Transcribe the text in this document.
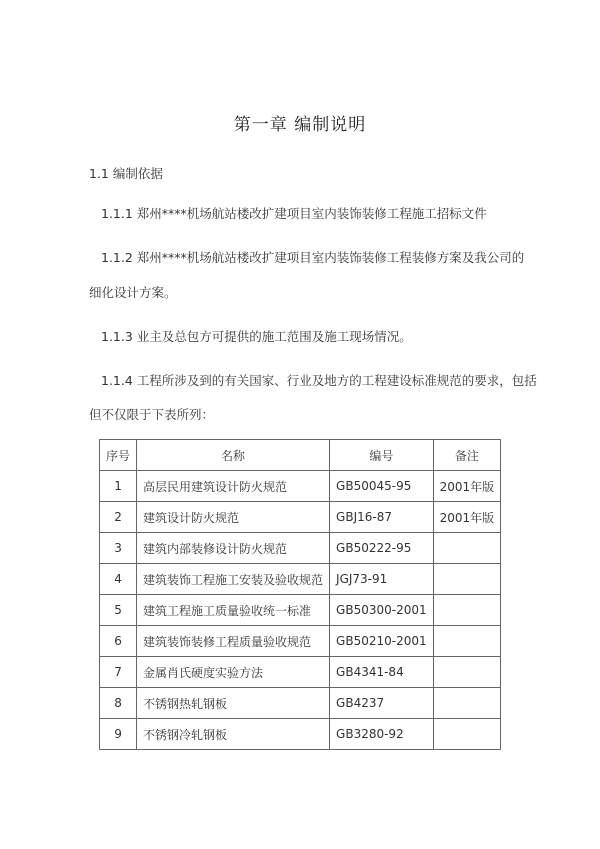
第一章 编制说明
1.1 编制依据
1.1.1 郑州****机场航站楼改扩建项目室内装饰装修工程施工招标文件
1.1.2 郑州****机场航站楼改扩建项目室内装饰装修工程装修方案及我公司的
细化设计方案。
1.1.3 业主及总包方可提供的施工范围及施工现场情况。
1.1.4 工程所涉及到的有关国家、行业及地方的工程建设标准规范的要求，包括
但不仅限于下表所列：
序号	名称	编号	备注
1	高层民用建筑设计防火规范	GB50045-95	2001年版
2	建筑设计防火规范	GBJ16-87	2001年版
3	建筑内部装修设计防火规范	GB50222-95	
4	建筑装饰工程施工安装及验收规范	JGJ73-91	
5	建筑工程施工质量验收统一标准	GB50300-2001	
6	建筑装饰装修工程质量验收规范	GB50210-2001	
7	金属肖氏硬度实验方法	GB4341-84	
8	不锈钢热轧钢板	GB4237	
9	不锈钢冷轧钢板	GB3280-92	
